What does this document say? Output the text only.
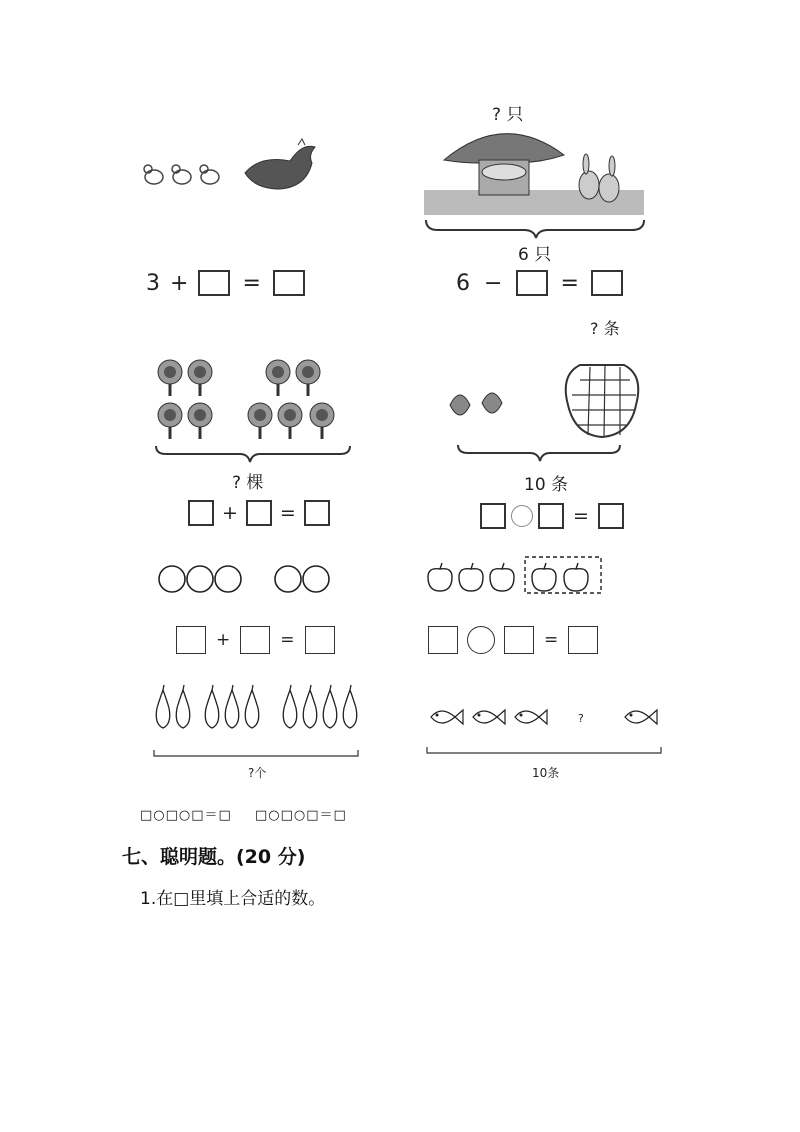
3 + =
? 只
6 只
6 −	=
? 棵
+ =
? 条
10 条
=
+	=	=
?个
?
10条
□○□○□＝□ □○□○□＝□
七、聪明题。(20 分)
1.在□里填上合适的数。
